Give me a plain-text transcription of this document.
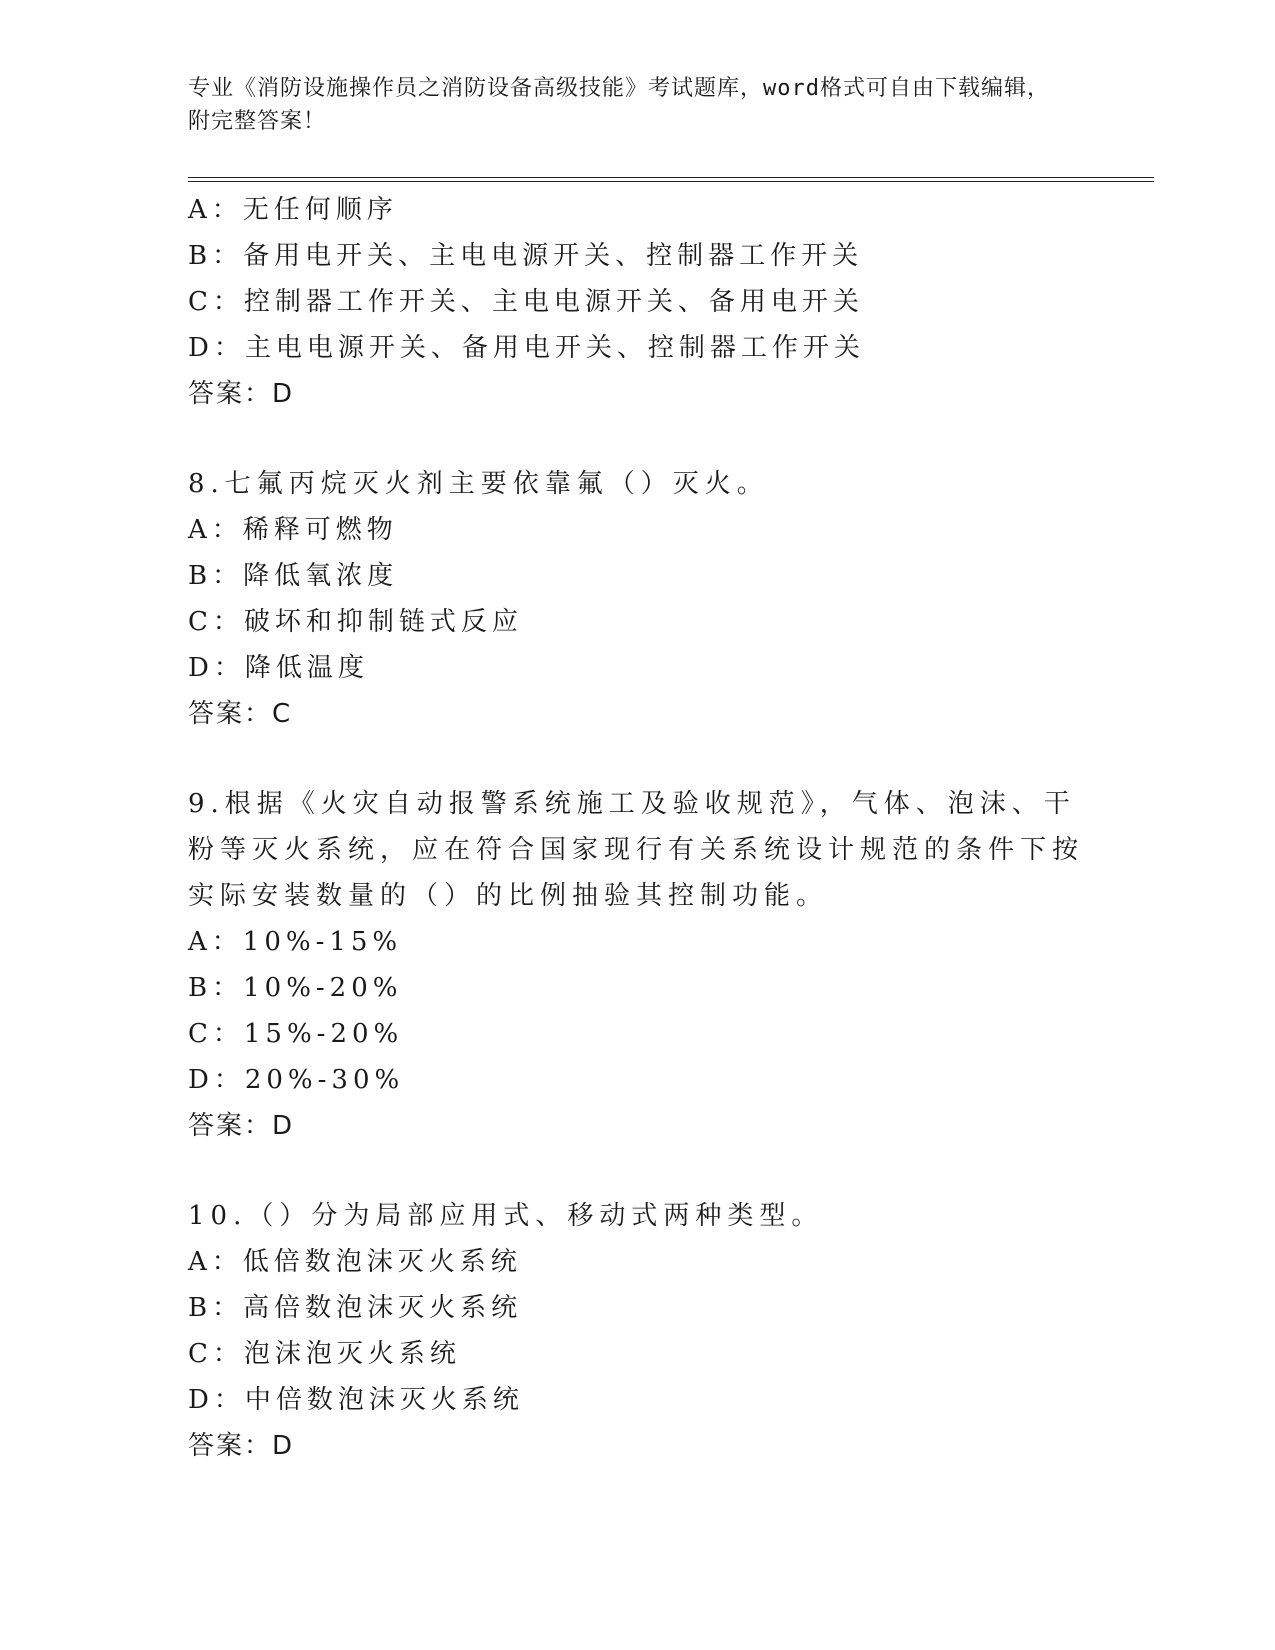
专业《消防设施操作员之消防设备高级技能》考试题库，word格式可自由下载编辑，附完整答案！
A：无任何顺序
B：备用电开关、主电电源开关、控制器工作开关
C：控制器工作开关、主电电源开关、备用电开关
D：主电电源开关、备用电开关、控制器工作开关
答案：D
8.七氟丙烷灭火剂主要依靠氟（）灭火。
A：稀释可燃物
B：降低氧浓度
C：破坏和抑制链式反应
D：降低温度
答案：C
9.根据《火灾自动报警系统施工及验收规范》，气体、泡沫、干粉等灭火系统，应在符合国家现行有关系统设计规范的条件下按实际安装数量的（）的比例抽验其控制功能。
A：10%-15%
B：10%-20%
C：15%-20%
D：20%-30%
答案：D
10.（）分为局部应用式、移动式两种类型。
A：低倍数泡沫灭火系统
B：高倍数泡沫灭火系统
C：泡沫泡灭火系统
D：中倍数泡沫灭火系统
答案：D
